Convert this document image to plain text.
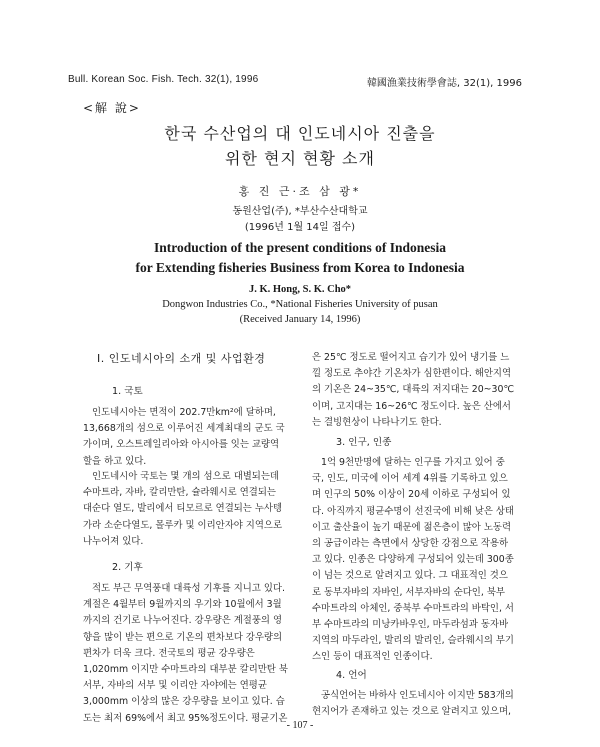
Bull. Korean Soc. Fish. Tech. 32(1), 1996	韓國漁業技術學會誌, 32(1), 1996
<解 說>
한국 수산업의 대 인도네시아 진출을
위한 현지 현황 소개
홍 진 근·조 삼 광*
동원산업(주), *부산수산대학교
(1996년 1월 14일 접수)
Introduction of the present conditions of Indonesia
for Extending fisheries Business from Korea to Indonesia
J. K. Hong, S. K. Cho*
Dongwon Industries Co., *National Fisheries University of pusan
(Received January 14, 1996)
Ⅰ. 인도네시아의 소개 및 사업환경
1. 국토
인도네시아는 면적이 202.7만km²에 달하며,
13,668개의 섬으로 이루어진 세계최대의 군도 국
가이며, 오스트레일리아와 아시아를 잇는 교량역
할을 하고 있다.
인도네시아 국토는 몇 개의 섬으로 대별되는데
수마트라, 자바, 칼리만탄, 슐라웨시로 연결되는
대순다 열도, 발리에서 티모르로 연결되는 누사텡
가라 소순다열도, 몰루카 및 이리안자야 지역으로
나누어져 있다.
2. 기후
적도 부근 무역풍대 대륙성 기후를 지니고 있다.
계절은 4월부터 9월까지의 우기와 10월에서 3월
까지의 건기로 나누어진다. 강우량은 계절풍의 영
향을 많이 받는 편으로 기온의 편차보다 강우량의
편차가 더욱 크다. 전국토의 평균 강우량은
1,020mm 이지만 수마트라의 대부분 칼리만탄 북
서부, 자바의 서부 및 이리안 자야에는 연평균
3,000mm 이상의 많은 강우량을 보이고 있다. 습
도는 최저 69%에서 최고 95%정도이다. 평균기온
은 25℃ 정도로 떨어지고 습기가 있어 냉기를 느
낄 정도로 추야간 기온차가 심한편이다. 해안지역
의 기온은 24~35℃, 대륙의 저지대는 20~30℃
이며, 고지대는 16~26℃ 정도이다. 높은 산에서
는 결빙현상이 나타나기도 한다.
3. 인구, 인종
1억 9천만명에 달하는 인구를 가지고 있어 중
국, 인도, 미국에 이어 세계 4위를 기록하고 있으
며 인구의 50% 이상이 20세 이하로 구성되어 있
다. 아직까지 평균수명이 선진국에 비해 낮은 상태
이고 출산율이 높기 때문에 젊은층이 많아 노동력
의 공급이라는 측면에서 상당한 강점으로 작용하
고 있다. 인종은 다양하게 구성되어 있는데 300종
이 넘는 것으로 알려지고 있다. 그 대표적인 것으
로 동부자바의 자바인, 서부자바의 순다인, 북부
수마트라의 아체인, 중북부 수마트라의 바탁인, 서
부 수마트라의 미낭카바우인, 마두라섬과 동자바
지역의 마두라인, 발리의 발리인, 슬라웨시의 부기
스인 등이 대표적인 인종이다.
4. 언어
공식언어는 바하사 인도네시아 이지만 583개의
현지어가 존재하고 있는 것으로 알려지고 있으며,
- 107 -
